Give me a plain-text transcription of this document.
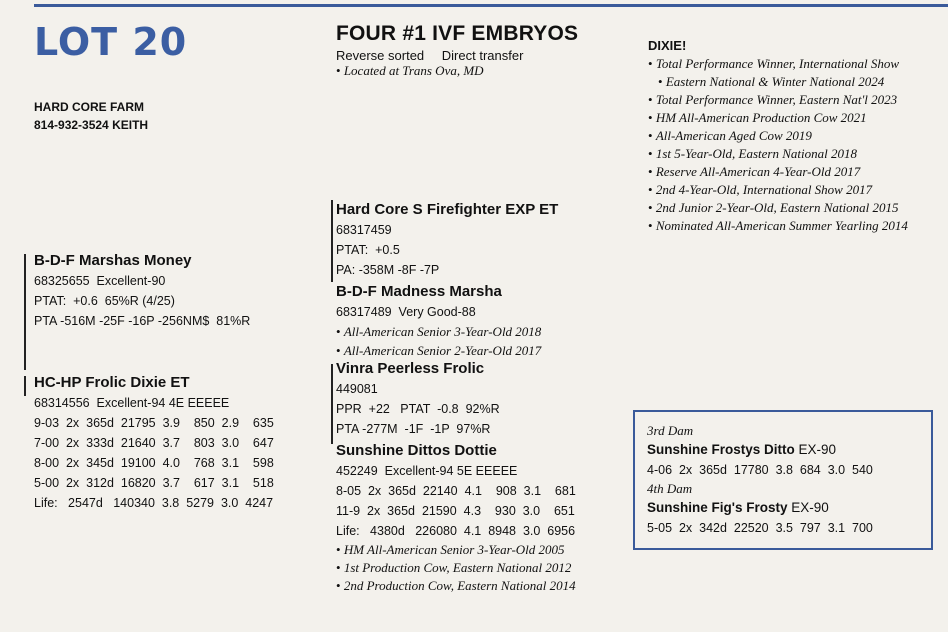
LOT 20
HARD CORE FARM
814-932-3524 KEITH
FOUR #1 IVF EMBRYOS
Reverse sorted Direct transfer
• Located at Trans Ova, MD
DIXIE!
• Total Performance Winner, International Show
• Eastern National & Winter National 2024
• Total Performance Winner, Eastern Nat'l 2023
• HM All-American Production Cow 2021
• All-American Aged Cow 2019
• 1st 5-Year-Old, Eastern National 2018
• Reserve All-American 4-Year-Old 2017
• 2nd 4-Year-Old, International Show 2017
• 2nd Junior 2-Year-Old, Eastern National 2015
• Nominated All-American Summer Yearling 2014
B-D-F Marshas Money
68325655  Excellent-90
PTAT:  +0.6  65%R (4/25)
PTA -516M -25F -16P -256NM$  81%R
HC-HP Frolic Dixie ET
68314556  Excellent-94 4E EEEEE
9-03  2x  365d  21795  3.9    850  2.9    635
7-00  2x  333d  21640  3.7    803  3.0    647
8-00  2x  345d  19100  4.0    768  3.1    598
5-00  2x  312d  16820  3.7    617  3.1    518
Life:   2547d   140340  3.8  5279  3.0  4247
Hard Core S Firefighter EXP ET
68317459
PTAT:  +0.5
PA: -358M -8F -7P
B-D-F Madness Marsha
68317489  Very Good-88
• All-American Senior 3-Year-Old 2018
• All-American Senior 2-Year-Old 2017
Vinra Peerless Frolic
449081
PPR  +22   PTAT  -0.8  92%R
PTA -277M  -1F  -1P  97%R
Sunshine Dittos Dottie
452249  Excellent-94 5E EEEEE
8-05  2x  365d  22140  4.1    908  3.1    681
11-9  2x  365d  21590  4.3    930  3.0    651
Life:   4380d   226080  4.1  8948  3.0  6956
• HM All-American Senior 3-Year-Old 2005
• 1st Production Cow, Eastern National 2012
• 2nd Production Cow, Eastern National 2014
3rd Dam
Sunshine Frostys Ditto EX-90
4-06  2x  365d  17780  3.8  684  3.0  540
4th Dam
Sunshine Fig's Frosty EX-90
5-05  2x  342d  22520  3.5  797  3.1  700
